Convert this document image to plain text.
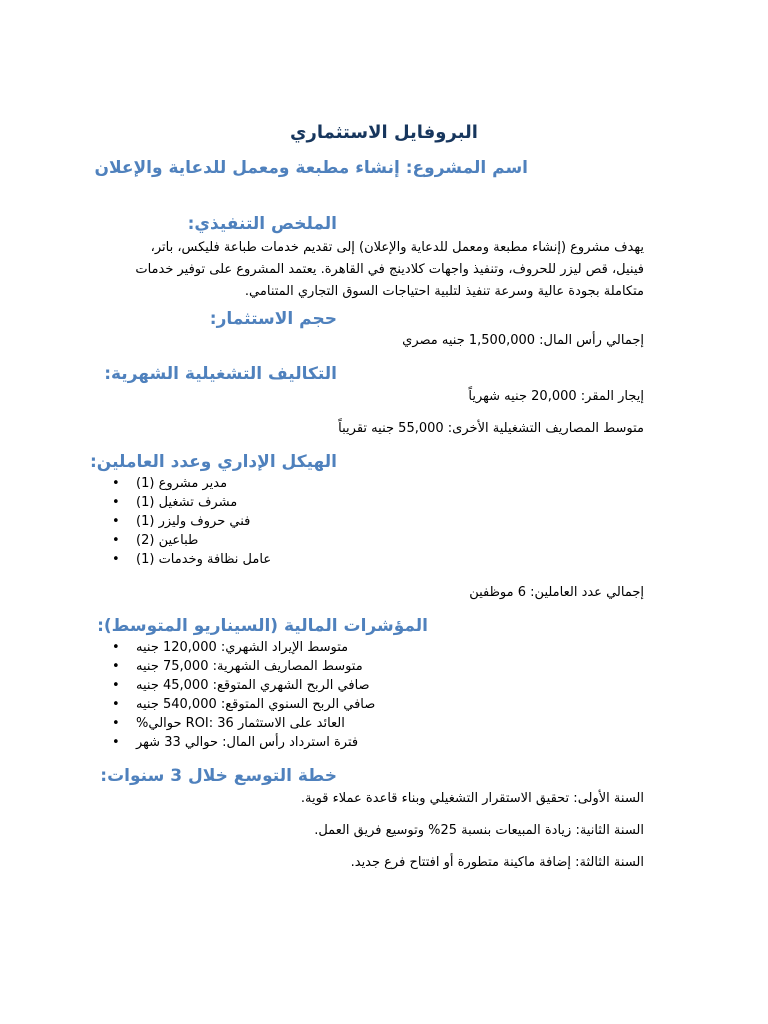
البروفايل الاستثماري
اسم المشروع: إنشاء مطبعة ومعمل للدعاية والإعلان
الملخص التنفيذي:
يهدف مشروع (إنشاء مطبعة ومعمل للدعاية والإعلان) إلى تقديم خدمات طباعة فليكس، باتر،
فينيل، قص ليزر للحروف، وتنفيذ واجهات كلادينج في القاهرة. يعتمد المشروع على توفير خدمات
متكاملة بجودة عالية وسرعة تنفيذ لتلبية احتياجات السوق التجاري المتنامي.
حجم الاستثمار:
إجمالي رأس المال: 1,500,000 جنيه مصري
التكاليف التشغيلية الشهرية:
إيجار المقر: 20,000 جنيه شهرياً
متوسط المصاريف التشغيلية الأخرى: 55,000 جنيه تقريباً
الهيكل الإداري وعدد العاملين:
• مدير مشروع (1)
• مشرف تشغيل (1)
• فني حروف وليزر (1)
• طباعين (2)
• عامل نظافة وخدمات (1)
إجمالي عدد العاملين: 6 موظفين
المؤشرات المالية (السيناريو المتوسط):
• متوسط الإيراد الشهري: 120,000 جنيه
• متوسط المصاريف الشهرية: 75,000 جنيه
• صافي الربح الشهري المتوقع: 45,000 جنيه
• صافي الربح السنوي المتوقع: 540,000 جنيه
• العائد على الاستثمار ROI: 36 حوالي%
• فترة استرداد رأس المال: حوالي 33 شهر
خطة التوسع خلال 3 سنوات:
السنة الأولى: تحقيق الاستقرار التشغيلي وبناء قاعدة عملاء قوية.
السنة الثانية: زيادة المبيعات بنسبة 25% وتوسيع فريق العمل.
السنة الثالثة: إضافة ماكينة متطورة أو افتتاح فرع جديد.
